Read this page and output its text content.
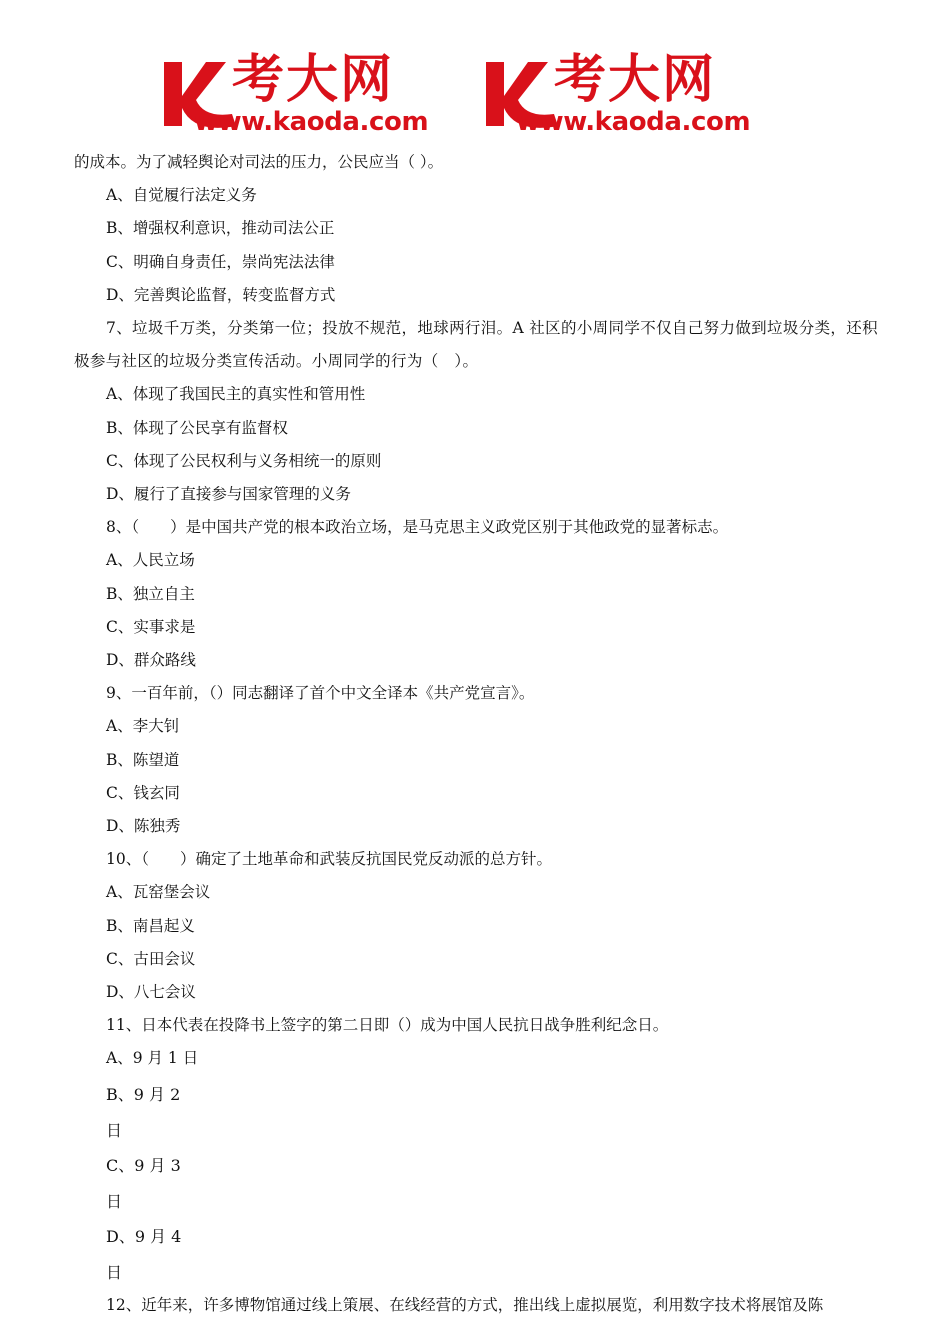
考大网
www.kaoda.com
考大网
www.kaoda.com
的成本。为了减轻舆论对司法的压力，公民应当（ ）。
A、自觉履行法定义务
B、增强权利意识，推动司法公正
C、明确自身责任，崇尚宪法法律
D、完善舆论监督，转变监督方式
7、垃圾千万类，分类第一位；投放不规范，地球两行泪。A 社区的小周同学不仅自己努力做到垃圾分类，还积极参与社区的垃圾分类宣传活动。小周同学的行为（　）。
A、体现了我国民主的真实性和管用性
B、体现了公民享有监督权
C、体现了公民权利与义务相统一的原则
D、履行了直接参与国家管理的义务
8、（　　）是中国共产党的根本政治立场，是马克思主义政党区别于其他政党的显著标志。
A、人民立场
B、独立自主
C、实事求是
D、群众路线
9、一百年前，（）同志翻译了首个中文全译本《共产党宣言》。
A、李大钊
B、陈望道
C、钱玄同
D、陈独秀
10、（　　）确定了土地革命和武装反抗国民党反动派的总方针。
A、瓦窑堡会议
B、南昌起义
C、古田会议
D、八七会议
11、日本代表在投降书上签字的第二日即（）成为中国人民抗日战争胜利纪念日。
A、9 月 1 日
B、9 月 2
日
C、9 月 3
日
D、9 月 4
日
12、近年来，许多博物馆通过线上策展、在线经营的方式，推出线上虚拟展览，利用数字技术将展馆及陈
